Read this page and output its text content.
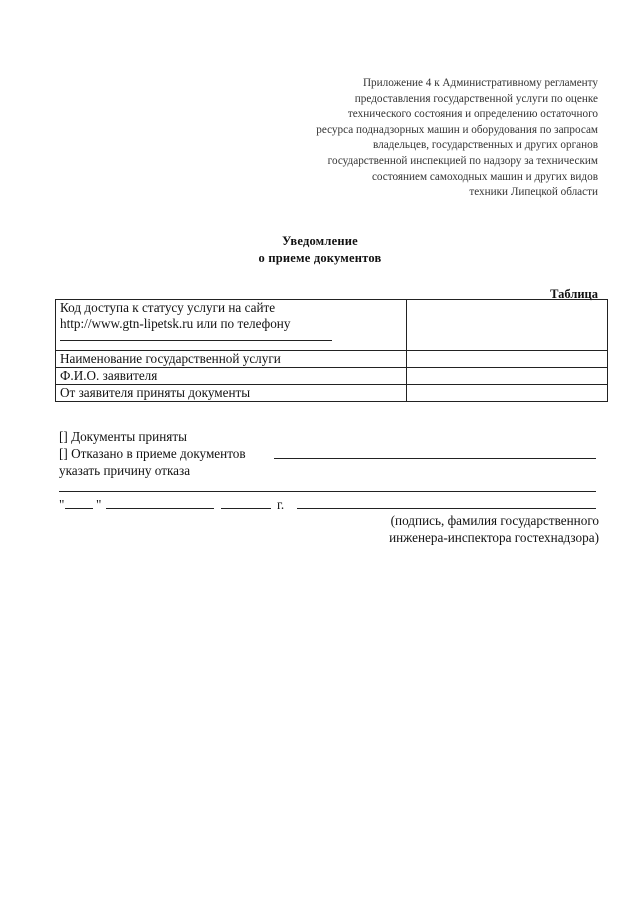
Приложение 4 к Административному регламенту
предоставления государственной услуги по оценке
технического состояния и определению остаточного
ресурса поднадзорных машин и оборудования по запросам
владельцев, государственных и других органов
государственной инспекцией по надзору за техническим
состоянием самоходных машин и других видов
техники Липецкой области
Уведомление
о приеме документов
Таблица
Код доступа к статусу услуги на сайте
http://www.gtn-lipetsk.ru или по телефону	

Наименование государственной услуги	
Ф.И.О. заявителя	
От заявителя приняты документы	
[] Документы приняты
[] Отказано в приеме документов
указать причину отказа
" "	г.
(подпись, фамилия государственного
инженера-инспектора гостехнадзора)
